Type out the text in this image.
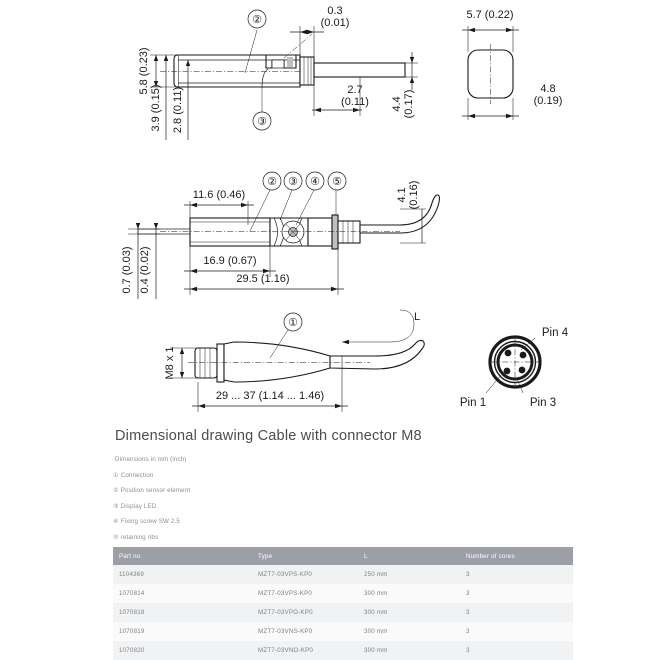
②
③
5.8 (0.23)
3.9 (0.15) 2.8 (0.11)
0.3
(0.01)
2.7
(0.11) 4.4 (0.17)
5.7 (0.22)
4.8
(0.19)
② ③ ④ ⑤
11.6 (0.46)
16.9 (0.67)
29.5 (1.16)
4.1 (0.16)
0.7 (0.03) 0.4 (0.02)
①
M8 x 1
29 ... 37 (1.14 ... 1.46)
L
Pin 4
Pin 1	Pin 3
Dimensional drawing Cable with connector M8
Dimensions in mm (inch)
① Connection
② Position sensor element
③ Display LED
④ Fixing screw SW 2.5
⑤ retaining ribs
Part no.	Type	L	Number of cores
1104369	MZT7-03VPS-KP0	250 mm	3
1070814	MZT7-03VPS-KP0	300 mm	3
1070818	MZT7-03VPO-KP0	300 mm	3
1070819	MZT7-03VNS-KP0	300 mm	3
1070820	MZT7-03VNO-KP0	300 mm	3
